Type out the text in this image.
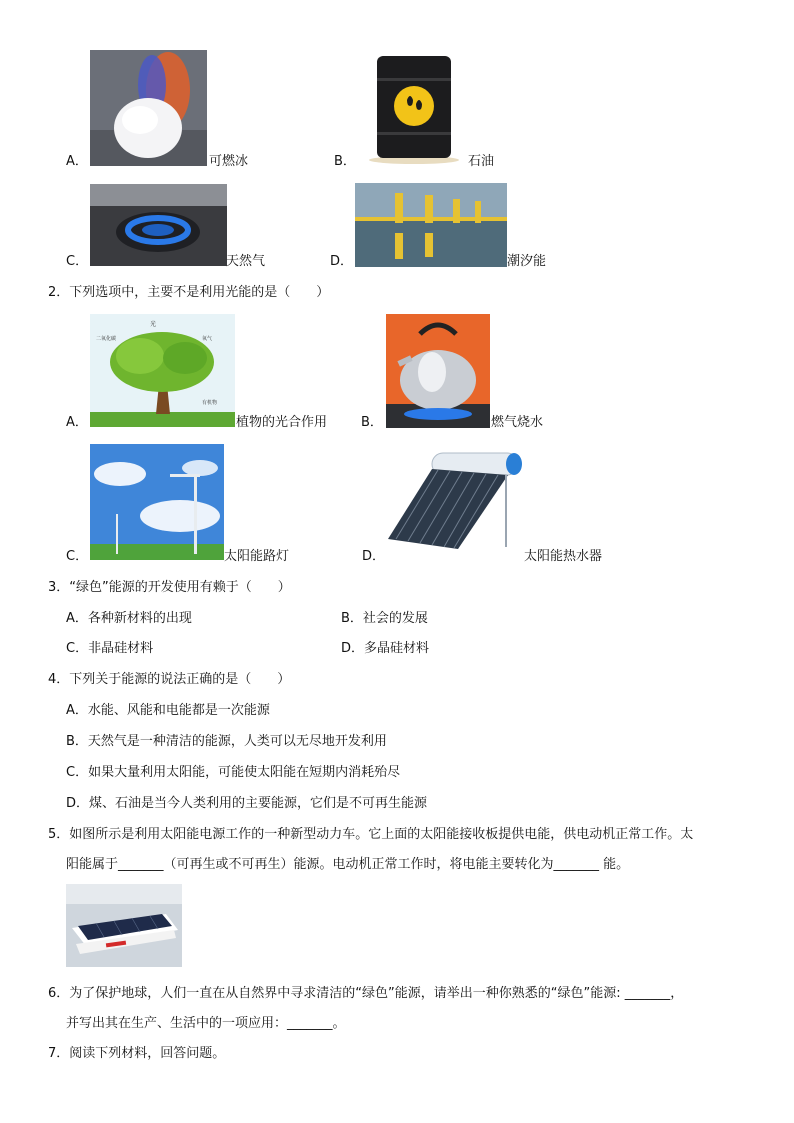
A．	可燃冰	B．	石油
C．	天然气	D．	潮汐能
2．下列选项中，主要不是利用光能的是（　　）
光
二氧化碳	氧气
有机物
A．	植物的光合作用	B．	燃气烧水
C．	太阳能路灯	D．	太阳能热水器
3．“绿色”能源的开发使用有赖于（　　）
A．各种新材料的出现	B．社会的发展
C．非晶硅材料	D．多晶硅材料
4．下列关于能源的说法正确的是（　　）
A．水能、风能和电能都是一次能源
B．天然气是一种清洁的能源，人类可以无尽地开发利用
C．如果大量利用太阳能，可能使太阳能在短期内消耗殆尽
D．煤、石油是当今人类利用的主要能源，它们是不可再生能源
5．如图所示是利用太阳能电源工作的一种新型动力车。它上面的太阳能接收板提供电能，供电动机正常工作。太
阳能属于_______（可再生或不可再生）能源。电动机正常工作时，将电能主要转化为_______ 能。
6．为了保护地球，人们一直在从自然界中寻求清洁的“绿色”能源，请举出一种你熟悉的“绿色”能源: _______，
并写出其在生产、生活中的一项应用：_______。
7．阅读下列材料，回答问题。
